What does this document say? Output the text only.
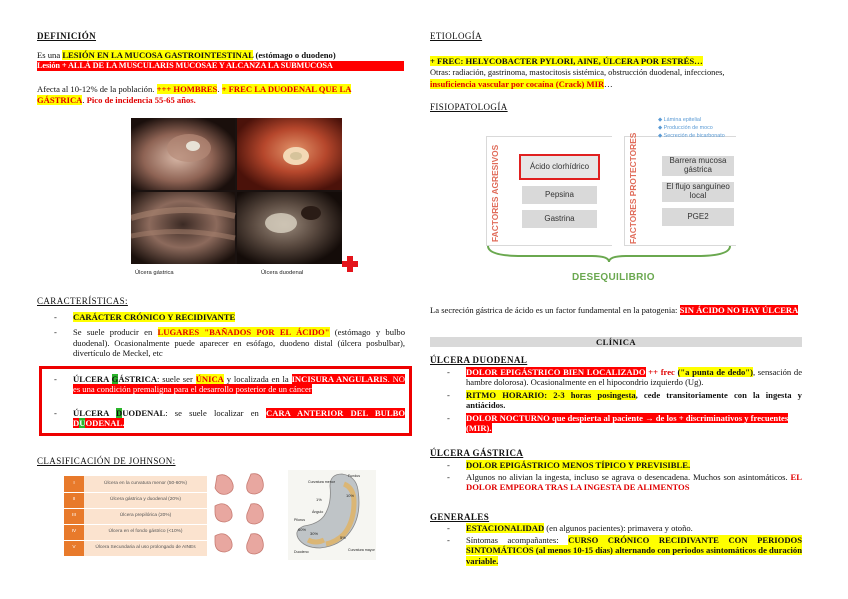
DEFINICIÓN
Es una LESIÓN EN LA MUCOSA GASTROINTESTINAL (estómago o duodeno)
Lesión + ALLÁ DE LA MUSCULARIS MUCOSAE Y ALCANZA LA SUBMUCOSA
Afecta al 10-12% de la población. +++ HOMBRES. + FREC LA DUODENAL QUE LA
GÁSTRICA. Pico de incidencia 55-65 años.
Úlcera gástrica	Úlcera duodenal
CARACTERÍSTICAS:
- CARÁCTER CRÓNICO Y RECIDIVANTE
- Se suele producir en LUGARES "BAÑADOS POR EL ÁCIDO" (estómago y bulbo duodenal). Ocasionalmente puede aparecer en esófago, duodeno distal (úlcera posbulbar), divertículo de Meckel, etc
- ÚLCERA GÁSTRICA: suele ser ÚNICA y localizada en la INCISURA ANGULARIS. NO es una condición premaligna para el desarrollo posterior de un cáncer
- ÚLCERA DUODENAL: se suele localizar en CARA ANTERIOR DEL BULBO DUODENAL.
CLASIFICACIÓN DE JOHNSON:
I	Úlcera en la curvatura menor (50-60%)
II	Úlcera gástrica y duodenal (20%)
III	Úlcera prepilórica (20%)
IV	Úlcera en el fondo gástrico (<10%)
V	Úlcera Secundaria al uso prolongado de AINEs
Curvatura menor
Fundus
Pilorus
Ángulo
Curvatura mayor
Duodeno
10%
1%
60%
30%
5%
ETIOLOGÍA
+ FREC: HELYCOBACTER PYLORI, AINE, ÚLCERA POR ESTRÉS…
Otras: radiación, gastrinoma, mastocitosis sistémica, obstrucción duodenal, infecciones,
insuficiencia vascular por cocaína (Crack) MIR…
FISIOPATOLOGÍA
FACTORES AGRESIVOS	FACTORES PROTECTORES
Ácido clorhídrico
Pepsina
Gastrina
Barrera mucosa gástrica
El flujo sanguíneo local
PGE2
◆ Lámina epitelial
◆ Producción de moco
◆ Secreción de bicarbonato
DESEQUILIBRIO
La secreción gástrica de ácido es un factor fundamental en la patogenia: SIN ÁCIDO NO HAY ÚLCERA
CLÍNICA
ÚLCERA DUODENAL
- DOLOR EPIGÁSTRICO BIEN LOCALIZADO ++ frec ("a punta de dedo"), sensación de hambre dolorosa). Ocasionalmente en el hipocondrio izquierdo (Ug).
- RITMO HORARIO: 2-3 horas posingesta, cede transitoriamente con la ingesta y antiácidos.
- DOLOR NOCTURNO que despierta al paciente → de los + discriminativos y frecuentes (MIR).
ÚLCERA GÁSTRICA
- DOLOR EPIGÁSTRICO MENOS TÍPICO Y PREVISIBLE.
- Algunos no alivian la ingesta, incluso se agrava o desencadena. Muchos son asintomáticos. EL DOLOR EMPEORA TRAS LA INGESTA DE ALIMENTOS
GENERALES
- ESTACIONALIDAD (en algunos pacientes): primavera y otoño.
- Síntomas acompañantes: CURSO CRÓNICO RECIDIVANTE CON PERIODOS SINTOMÁTICOS (al menos 10-15 días) alternando con periodos asintomáticos de duración variable.
